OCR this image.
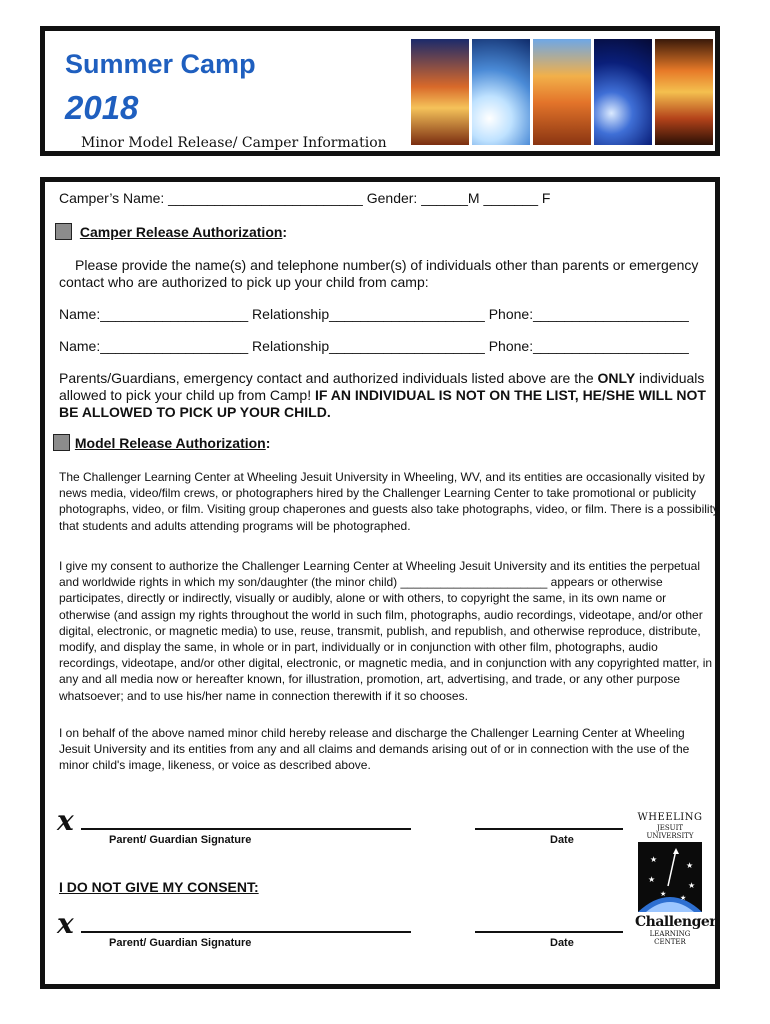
Summer Camp
2018
Minor Model Release/ Camper Information
Camper’s Name: _________________________ Gender: ______M _______ F
Camper Release Authorization:
Please provide the name(s) and telephone number(s) of individuals other than parents or emergency contact who are authorized to pick up your child from camp:
Name:___________________ Relationship____________________ Phone:____________________
Name:___________________ Relationship____________________ Phone:____________________
Parents/Guardians, emergency contact and authorized individuals listed above are the ONLY individuals allowed to pick your child up from Camp! IF AN INDIVIDUAL IS NOT ON THE LIST, HE/SHE WILL NOT BE ALLOWED TO PICK UP YOUR CHILD.
Model Release Authorization:
The Challenger Learning Center at Wheeling Jesuit University in Wheeling, WV, and its entities are occasionally visited by news media, video/film crews, or photographers hired by the Challenger Learning Center to take promotional or publicity photographs, video, or film. Visiting group chaperones and guests also take photographs, video, or film. There is a possibility that students and adults attending programs will be photographed.
I give my consent to authorize the Challenger Learning Center at Wheeling Jesuit University and its entities the perpetual and worldwide rights in which my son/daughter (the minor child) ______________________ appears or otherwise participates, directly or indirectly, visually or audibly, alone or with others, to copyright the same, in its own name or otherwise (and assign my rights throughout the world in such film, photographs, audio recordings, videotape, and/or other digital, electronic, or magnetic media) to use, reuse, transmit, publish, and republish, and otherwise reproduce, distribute, modify, and display the same, in whole or in part, individually or in conjunction with other film, photographs, audio recordings, videotape, and/or other digital, electronic, or magnetic media, and in conjunction with any copyrighted matter, in any and all media now or hereafter known, for illustration, promotion, art, advertising, and trade, or any other purpose whatsoever; and to use his/her name in connection therewith if it so chooses.
I on behalf of the above named minor child hereby release and discharge the Challenger Learning Center at Wheeling Jesuit University and its entities from any and all claims and demands arising out of or in connection with the use of the minor child's image, likeness, or voice as described above.
x
Parent/ Guardian Signature	Date
I DO NOT GIVE MY CONSENT:
x
Parent/ Guardian Signature	Date
WHEELING
JESUIT UNIVERSITY
★
★
★
★
★
★
Challenger
LEARNING CENTER
